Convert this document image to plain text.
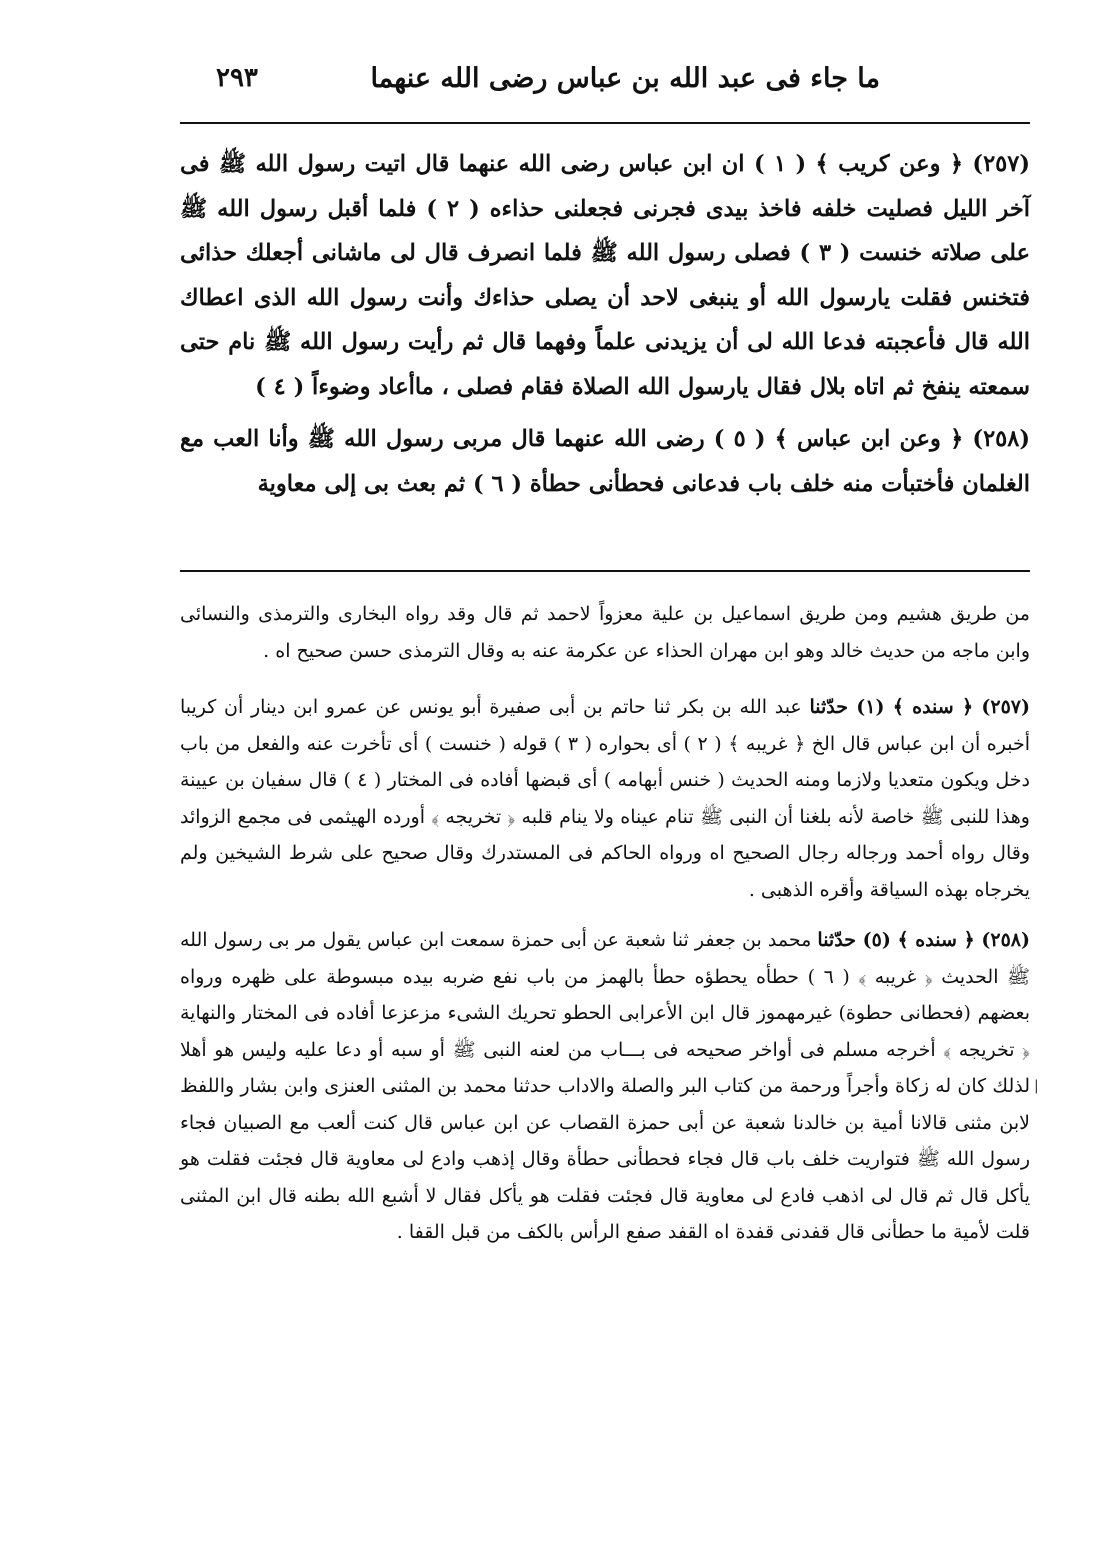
٢٩٣	ما جاء فى عبد الله بن عباس رضى الله عنهما

(٢٥٧) ﴿ وعن كريب ﴾ ( ١ ) ان ابن عباس رضى الله عنهما قال اتيت رسول الله ﷺ فى آخر الليل فصليت خلفه فاخذ بيدى فجرنى فجعلنى حذاءه ( ٢ ) فلما أقبل رسول الله ﷺ على صلاته خنست ( ٣ ) فصلى رسول الله ﷺ فلما انصرف قال لى ماشانى أجعلك حذائى فتخنس فقلت يارسول الله أو ينبغى لاحد أن يصلى حذاءك وأنت رسول الله الذى اعطاك الله قال فأعجبته فدعا الله لى أن يزيدنى علماً وفهما قال ثم رأيت رسول الله ﷺ نام حتى سمعته ينفخ ثم اتاه بلال فقال يارسول الله الصلاة فقام فصلى ، ماأعاد وضوءاً ( ٤ )

(٢٥٨) ﴿ وعن ابن عباس ﴾ ( ٥ ) رضى الله عنهما قال مربى رسول الله ﷺ وأنا العب مع الغلمان فأختبأت منه خلف باب فدعانى فحطأنى حطأة ( ٦ ) ثم بعث بى إلى معاوية

من طريق هشيم ومن طريق اسماعيل بن علية معزواً لاحمد ثم قال وقد رواه البخارى والترمذى والنسائى وابن ماجه من حديث خالد وهو ابن مهران الحذاء عن عكرمة عنه به وقال الترمذى حسن صحيح اه .

(٢٥٧) ﴿ سنده ﴾ (١) حدّثنا عبد الله بن بكر ثنا حاتم بن أبى صفيرة أبو يونس عن عمرو ابن دينار أن كريبا أخبره أن ابن عباس قال الخ ﴿ غريبه ﴾ ( ٢ ) أى بحواره ( ٣ ) قوله ( خنست ) أى تأخرت عنه والفعل من باب دخل ويكون متعديا ولازما ومنه الحديث ( خنس أبهامه ) أى قبضها أفاده فى المختار ( ٤ ) قال سفيان بن عيينة وهذا للنبى ﷺ خاصة لأنه بلغنا أن النبى ﷺ تنام عيناه ولا ينام قلبه ﴿ تخريجه ﴾ أورده الهيثمى فى مجمع الزوائد وقال رواه أحمد ورجاله رجال الصحيح اه ورواه الحاكم فى المستدرك وقال صحيح على شرط الشيخين ولم يخرجاه بهذه السياقة وأقره الذهبى .

(٢٥٨) ﴿ سنده ﴾ (٥) حدّثنا محمد بن جعفر ثنا شعبة عن أبى حمزة سمعت ابن عباس يقول مر بى رسول الله ﷺ الحديث ﴿ غريبه ﴾ ( ٦ ) حطأه يحطؤه حطأ بالهمز من باب نفع ضربه بيده مبسوطة على ظهره ورواه بعضهم (فحطانى حطوة) غيرمهموز قال ابن الأعرابى الحطو تحريك الشىء مزعزعا أفاده فى المختار والنهاية ﴿ تخريجه ﴾ أخرجه مسلم فى أواخر صحيحه فى بـــاب من لعنه النبى ﷺ أو سبه أو دعا عليه وليس هو أهلا لذلك كان له زكاة وأجراً ورحمة من كتاب البر والصلة والاداب حدثنا محمد بن المثنى العنزى وابن بشار واللفظ لابن مثنى قالانا أمية بن خالدنا شعبة عن أبى حمزة القصاب عن ابن عباس قال كنت ألعب مع الصبيان فجاء رسول الله ﷺ فتواريت خلف باب قال فجاء فحطأنى حطأة وقال إذهب وادع لى معاوية قال فجئت فقلت هو يأكل قال ثم قال لى اذهب فادع لى معاوية قال فجئت فقلت هو يأكل فقال لا أشبع الله بطنه قال ابن المثنى قلت لأمية ما حطأنى قال قفدنى قفدة اه القفد صفع الرأس بالكف من قبل القفا .

|
